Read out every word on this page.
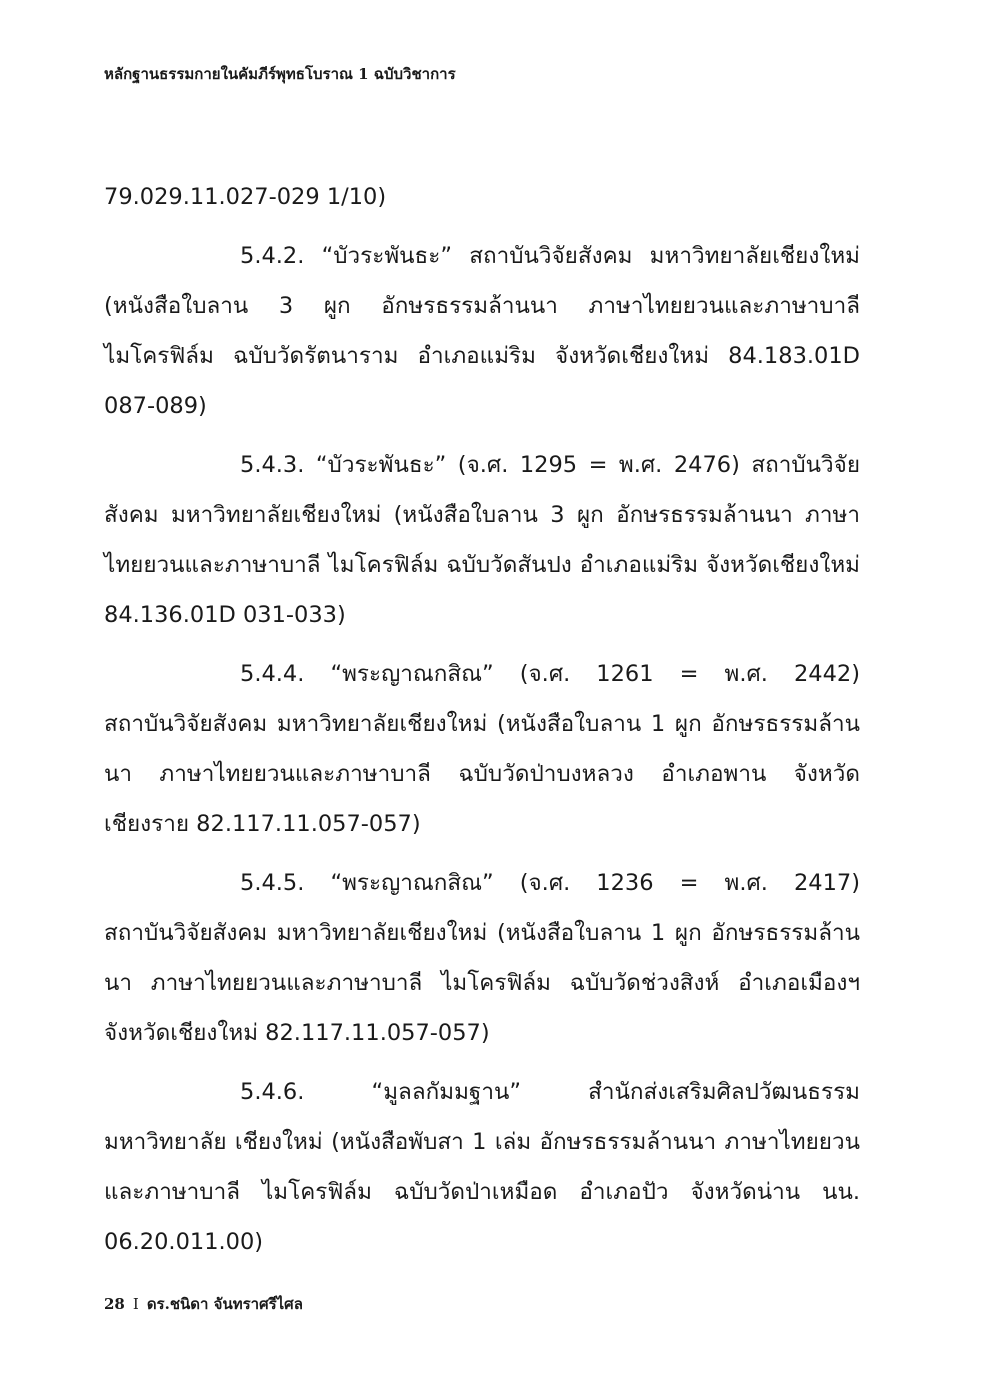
หลักฐานธรรมกายในคัมภีร์พุทธโบราณ 1 ฉบับวิชาการ

79.029.11.027-029 1/10)

5.4.2. “บัวระพันธะ” สถาบันวิจัยสังคม มหาวิทยาลัยเชียงใหม่ (หนังสือใบลาน 3 ผูก อักษรธรรมล้านนา ภาษาไทยยวนและภาษาบาลี ไมโครฟิล์ม ฉบับวัดรัตนาราม อำเภอแม่ริม จังหวัดเชียงใหม่ 84.183.01D 087-089)

5.4.3. “บัวระพันธะ” (จ.ศ. 1295 = พ.ศ. 2476) สถาบันวิจัยสังคม มหาวิทยาลัยเชียงใหม่ (หนังสือใบลาน 3 ผูก อักษรธรรมล้านนา ภาษาไทยยวนและภาษาบาลี ไมโครฟิล์ม ฉบับวัดสันปง อำเภอแม่ริม จังหวัดเชียงใหม่ 84.136.01D 031-033)

5.4.4. “พระญาณกสิณ” (จ.ศ. 1261 = พ.ศ. 2442) สถาบันวิจัยสังคม มหาวิทยาลัยเชียงใหม่ (หนังสือใบลาน 1 ผูก อักษรธรรมล้านนา ภาษาไทยยวนและภาษาบาลี ฉบับวัดป่าบงหลวง อำเภอพาน จังหวัดเชียงราย 82.117.11.057-057)

5.4.5. “พระญาณกสิณ” (จ.ศ. 1236 = พ.ศ. 2417) สถาบันวิจัยสังคม มหาวิทยาลัยเชียงใหม่ (หนังสือใบลาน 1 ผูก อักษรธรรมล้านนา ภาษาไทยยวนและภาษาบาลี ไมโครฟิล์ม ฉบับวัดช่วงสิงห์ อำเภอเมืองฯ จังหวัดเชียงใหม่ 82.117.11.057-057)

5.4.6. “มูลลกัมมฐาน” สำนักส่งเสริมศิลปวัฒนธรรม มหาวิทยาลัย เชียงใหม่ (หนังสือพับสา 1 เล่ม อักษรธรรมล้านนา ภาษาไทยยวนและภาษาบาลี ไมโครฟิล์ม ฉบับวัดป่าเหมือด อำเภอปัว จังหวัดน่าน นน. 06.20.011.00)

28 I ดร.ชนิดา จันทราศรีไศล
